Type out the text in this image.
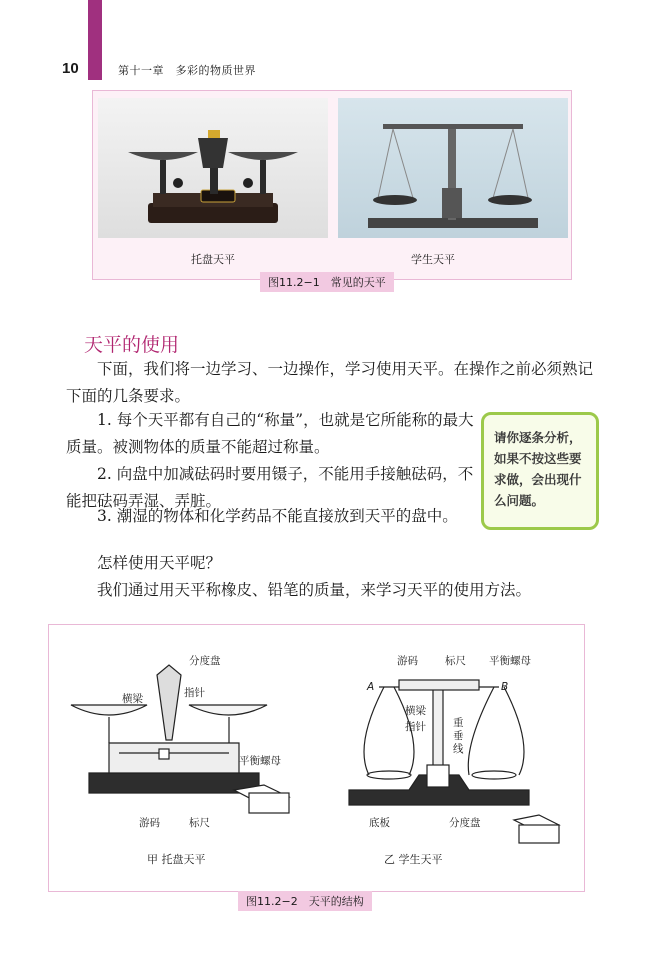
10	第十一章　多彩的物质世界
托盘天平	学生天平
图11.2−1　常见的天平
天平的使用
下面，我们将一边学习、一边操作，学习使用天平。在操作之前必须熟记下面的几条要求。
1. 每个天平都有自己的“称量”，也就是它所能称的最大质量。被测物体的质量不能超过称量。
2. 向盘中加减砝码时要用镊子，不能用手接触砝码，不能把砝码弄湿、弄脏。
3. 潮湿的物体和化学药品不能直接放到天平的盘中。
请你逐条分析，如果不按这些要求做，会出现什么问题。
怎样使用天平呢？
我们通过用天平称橡皮、铅笔的质量，来学习天平的使用方法。
分度盘
横梁	指针
平衡螺母
游码	标尺
游码	标尺 平衡螺母
A	B
横梁
指针	重垂线
底板	分度盘
甲 托盘天平	乙 学生天平
图11.2−2　天平的结构
